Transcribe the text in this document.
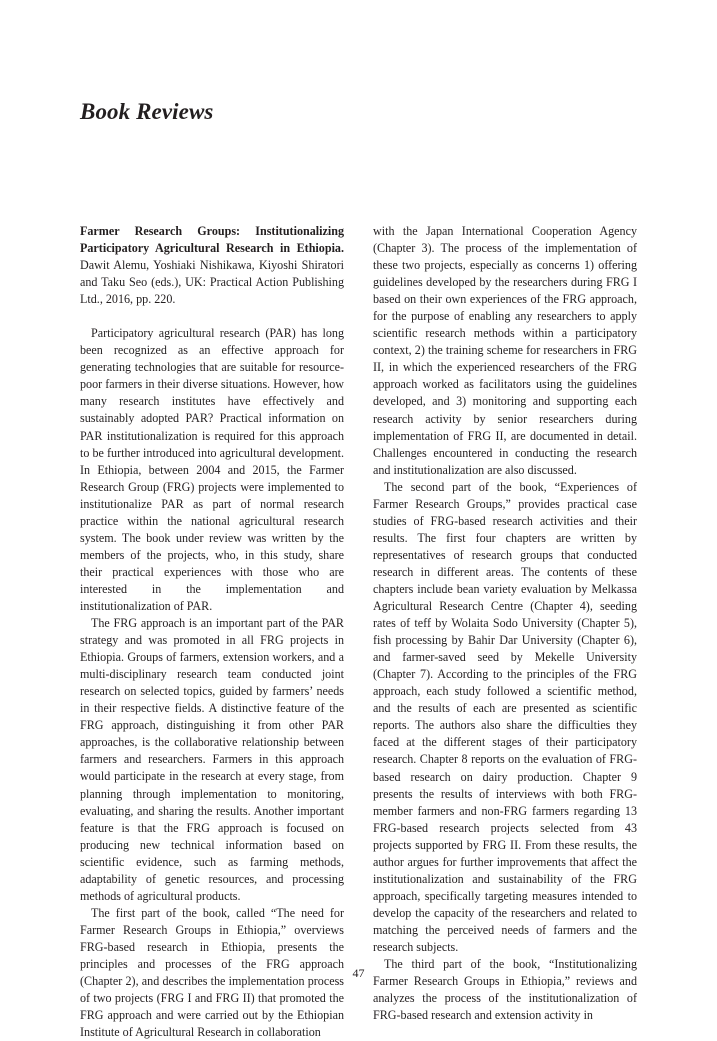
Book Reviews

Farmer Research Groups: Institutionalizing Participatory Agricultural Research in Ethiopia. Dawit Alemu, Yoshiaki Nishikawa, Kiyoshi Shiratori and Taku Seo (eds.), UK: Practical Action Publishing Ltd., 2016, pp. 220.

Participatory agricultural research (PAR) has long been recognized as an effective approach for generating technologies that are suitable for resource-poor farmers in their diverse situations. However, how many research institutes have effectively and sustainably adopted PAR? Practical information on PAR institutionalization is required for this approach to be further introduced into agricultural development. In Ethiopia, between 2004 and 2015, the Farmer Research Group (FRG) projects were implemented to institutionalize PAR as part of normal research practice within the national agricultural research system. The book under review was written by the members of the projects, who, in this study, share their practical experiences with those who are interested in the implementation and institutionalization of PAR.

The FRG approach is an important part of the PAR strategy and was promoted in all FRG projects in Ethiopia. Groups of farmers, extension workers, and a multi-disciplinary research team conducted joint research on selected topics, guided by farmers’ needs in their respective fields. A distinctive feature of the FRG approach, distinguishing it from other PAR approaches, is the collaborative relationship between farmers and researchers. Farmers in this approach would participate in the research at every stage, from planning through implementation to monitoring, evaluating, and sharing the results. Another important feature is that the FRG approach is focused on producing new technical information based on scientific evidence, such as farming methods, adaptability of genetic resources, and processing methods of agricultural products.

The first part of the book, called “The need for Farmer Research Groups in Ethiopia,” overviews FRG-based research in Ethiopia, presents the principles and processes of the FRG approach (Chapter 2), and describes the implementation process of two projects (FRG I and FRG II) that promoted the FRG approach and were carried out by the Ethiopian Institute of Agricultural Research in collaboration

with the Japan International Cooperation Agency (Chapter 3). The process of the implementation of these two projects, especially as concerns 1) offering guidelines developed by the researchers during FRG I based on their own experiences of the FRG approach, for the purpose of enabling any researchers to apply scientific research methods within a participatory context, 2) the training scheme for researchers in FRG II, in which the experienced researchers of the FRG approach worked as facilitators using the guidelines developed, and 3) monitoring and supporting each research activity by senior researchers during implementation of FRG II, are documented in detail. Challenges encountered in conducting the research and institutionalization are also discussed.

The second part of the book, “Experiences of Farmer Research Groups,” provides practical case studies of FRG-based research activities and their results. The first four chapters are written by representatives of research groups that conducted research in different areas. The contents of these chapters include bean variety evaluation by Melkassa Agricultural Research Centre (Chapter 4), seeding rates of teff by Wolaita Sodo University (Chapter 5), fish processing by Bahir Dar University (Chapter 6), and farmer-saved seed by Mekelle University (Chapter 7). According to the principles of the FRG approach, each study followed a scientific method, and the results of each are presented as scientific reports. The authors also share the difficulties they faced at the different stages of their participatory research. Chapter 8 reports on the evaluation of FRG-based research on dairy production. Chapter 9 presents the results of interviews with both FRG-member farmers and non-FRG farmers regarding 13 FRG-based research projects selected from 43 projects supported by FRG II. From these results, the author argues for further improvements that affect the institutionalization and sustainability of the FRG approach, specifically targeting measures intended to develop the capacity of the researchers and related to matching the perceived needs of farmers and the research subjects.

The third part of the book, “Institutionalizing Farmer Research Groups in Ethiopia,” reviews and analyzes the process of the institutionalization of FRG-based research and extension activity in

47
